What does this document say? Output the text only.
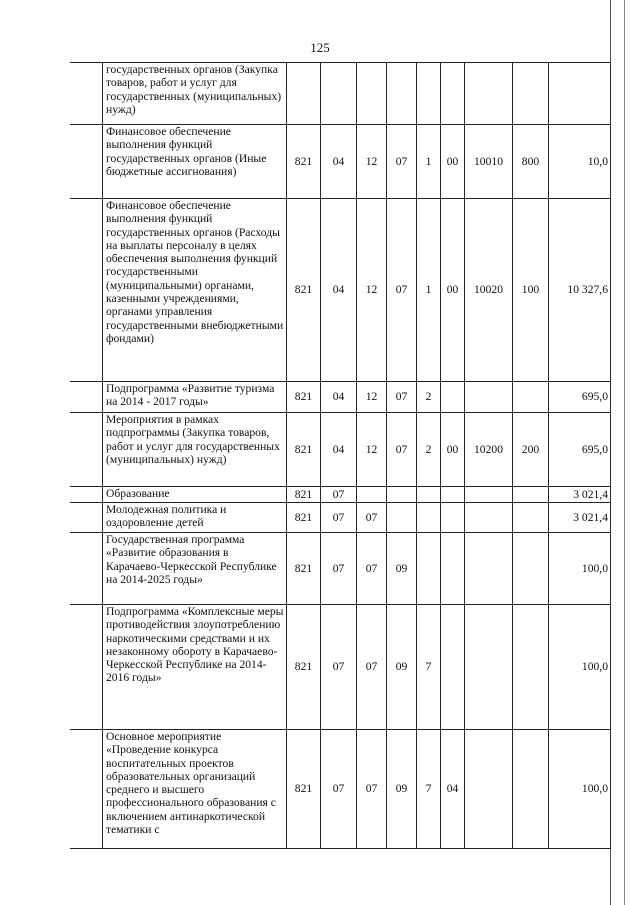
125
	государственных органов (Закупка товаров, работ и услуг для государственных (муниципальных) нужд)									
	Финансовое обеспечение выполнения функций государственных органов (Иные бюджетные ассигнования)	821	04	12	07	1	00	10010	800	10,0
	Финансовое обеспечение выполнения функций государственных органов (Расходы на выплаты персоналу в целях обеспечения выполнения функций государственными (муниципальными) органами, казенными учреждениями, органами управления государственными внебюджетными фондами)	821	04	12	07	1	00	10020	100	10 327,6
	Подпрограмма «Развитие туризма на 2014 - 2017 годы»	821	04	12	07	2				695,0
	Мероприятия в рамках подпрограммы (Закупка товаров, работ и услуг для государственных (муниципальных) нужд)	821	04	12	07	2	00	10200	200	695,0
	Образование	821	07							3 021,4
	Молодежная политика и оздоровление детей	821	07	07						3 021,4
	Государственная программа «Развитие образования в Карачаево-Черкесской Республике на 2014-2025 годы»	821	07	07	09					100,0
	Подпрограмма «Комплексные меры противодействия злоупотреблению наркотическими средствами и их незаконному обороту в Карачаево-Черкесской Республике на 2014-2016 годы»	821	07	07	09	7				100,0
	Основное мероприятие «Проведение конкурса воспитательных проектов образовательных организаций среднего и высшего профессионального образования с включением антинаркотической тематики с	821	07	07	09	7	04			100,0
